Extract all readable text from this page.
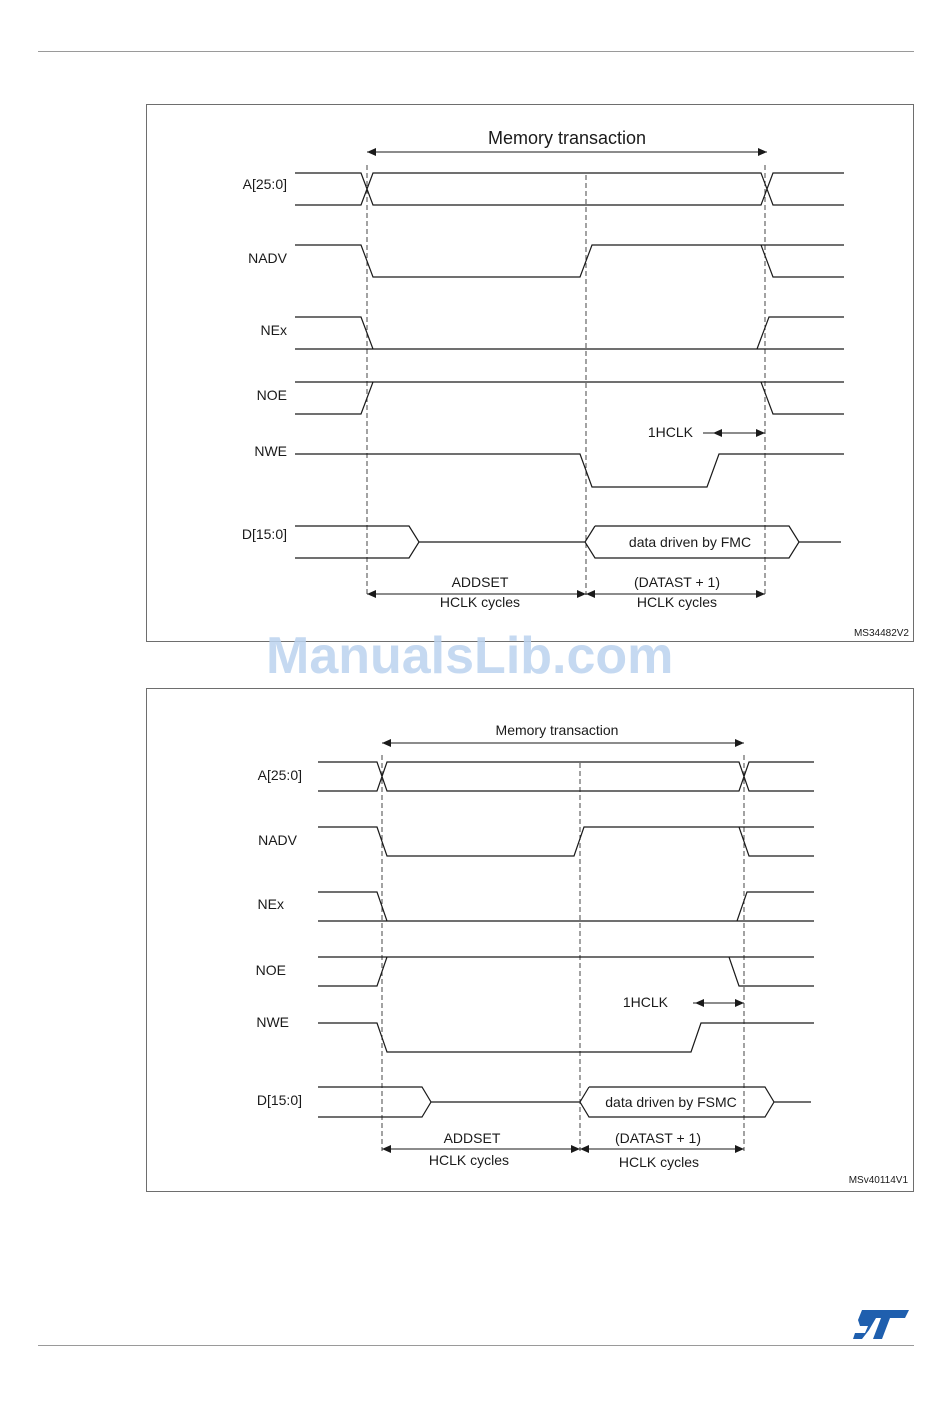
Memory transaction
A[25:0]
NADV
NEx
NOE
NWE
D[15:0]	data driven by FMC
1HCLK
ADDSET
HCLK cycles
(DATAST + 1)
HCLK cycles
MS34482V2
ManualsLib.com
Memory transaction
A[25:0]
NADV
NEx
NOE
NWE
D[15:0]	data driven by FSMC
1HCLK
ADDSET
HCLK cycles
(DATAST + 1)
HCLK cycles
MSv40114V1
